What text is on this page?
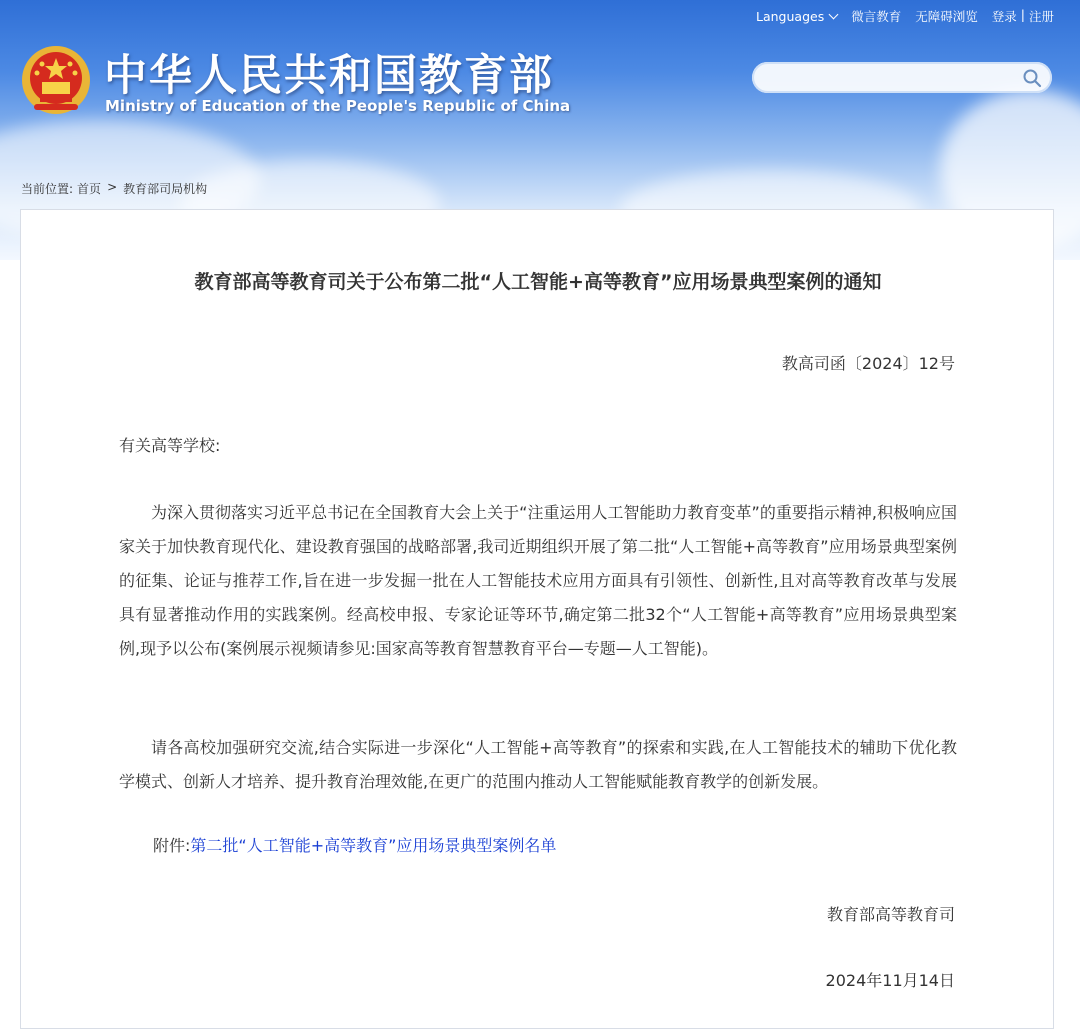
Languages 微言教育 无障碍浏览 登录 | 注册
中华人民共和国教育部
Ministry of Education of the People's Republic of China
当前位置: 首页 > 教育部司局机构
教育部高等教育司关于公布第二批“人工智能+高等教育”应用场景典型案例的通知
教高司函〔2024〕12号
有关高等学校:

为深入贯彻落实习近平总书记在全国教育大会上关于“注重运用人工智能助力教育变革”的重要指示精神,积极响应国家关于加快教育现代化、建设教育强国的战略部署,我司近期组织开展了第二批“人工智能+高等教育”应用场景典型案例的征集、论证与推荐工作,旨在进一步发掘一批在人工智能技术应用方面具有引领性、创新性,且对高等教育改革与发展具有显著推动作用的实践案例。经高校申报、专家论证等环节,确定第二批32个“人工智能+高等教育”应用场景典型案例,现予以公布(案例展示视频请参见:国家高等教育智慧教育平台—专题—人工智能)。

请各高校加强研究交流,结合实际进一步深化“人工智能+高等教育”的探索和实践,在人工智能技术的辅助下优化教学模式、创新人才培养、提升教育治理效能,在更广的范围内推动人工智能赋能教育教学的创新发展。

附件:第二批“人工智能+高等教育”应用场景典型案例名单
教育部高等教育司
2024年11月14日
